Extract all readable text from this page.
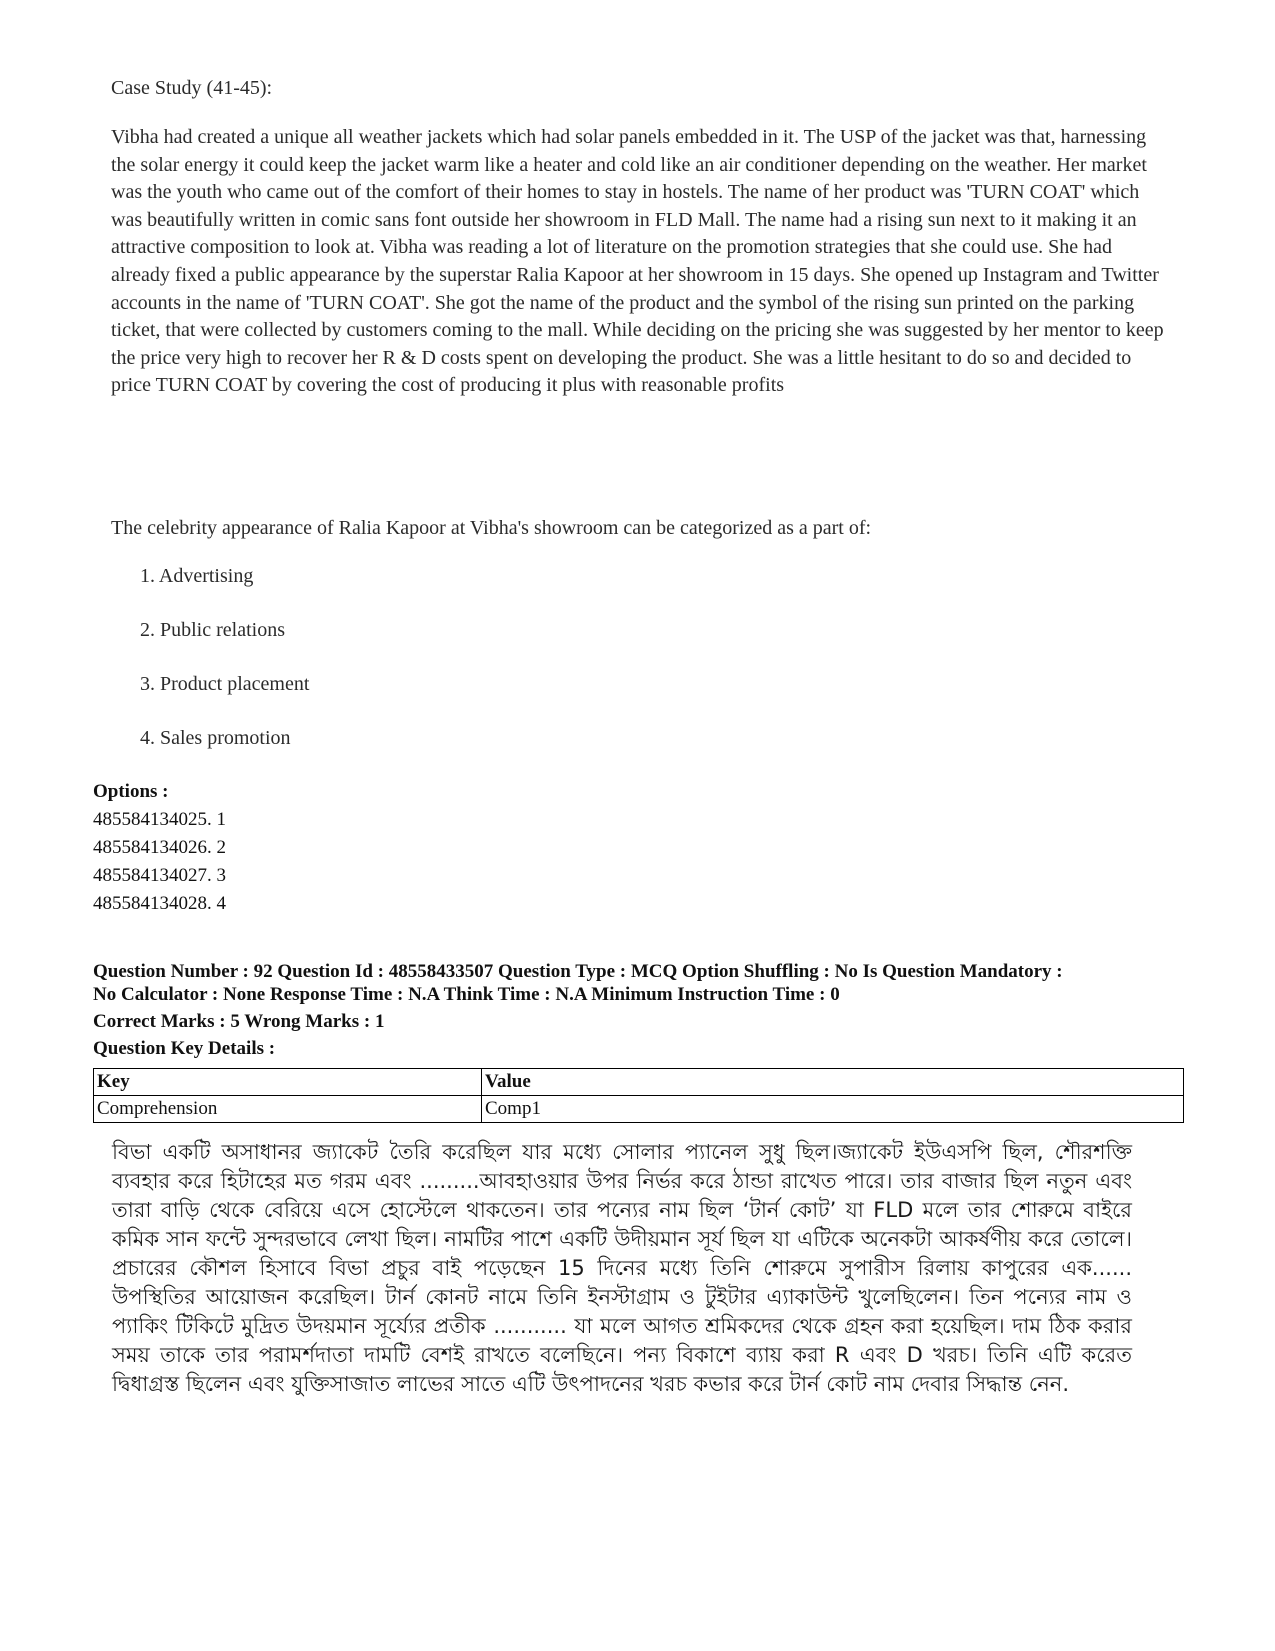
Case Study (41-45):

Vibha had created a unique all weather jackets which had solar panels embedded in it. The USP of the jacket was that, harnessing the solar energy it could keep the jacket warm like a heater and cold like an air conditioner depending on the weather. Her market was the youth who came out of the comfort of their homes to stay in hostels. The name of her product was 'TURN COAT' which was beautifully written in comic sans font outside her showroom in FLD Mall. The name had a rising sun next to it making it an attractive composition to look at. Vibha was reading a lot of literature on the promotion strategies that she could use. She had already fixed a public appearance by the superstar Ralia Kapoor at her showroom in 15 days. She opened up Instagram and Twitter accounts in the name of 'TURN COAT'. She got the name of the product and the symbol of the rising sun printed on the parking ticket, that were collected by customers coming to the mall. While deciding on the pricing she was suggested by her mentor to keep the price very high to recover her R & D costs spent on developing the product. She was a little hesitant to do so and decided to price TURN COAT by covering the cost of producing it plus with reasonable profits

The celebrity appearance of Ralia Kapoor at Vibha's showroom can be categorized as a part of:

1. Advertising
2. Public relations
3. Product placement
4. Sales promotion
Options :
485584134025. 1
485584134026. 2
485584134027. 3
485584134028. 4
Question Number : 92 Question Id : 48558433507 Question Type : MCQ Option Shuffling : No Is Question Mandatory :
No Calculator : None Response Time : N.A Think Time : N.A Minimum Instruction Time : 0
Correct Marks : 5 Wrong Marks : 1
Question Key Details :
Key	Value
Comprehension	Comp1
বিভা একটি অসাধানর জ্যাকেট তৈরি করেছিল যার মধ্যে সোলার প্যানেল সুধু ছিল।জ্যাকেট ইউএসপি ছিল, শৌরশক্তি ব্যবহার করে হিটাহের মত গরম এবং .........আবহাওয়ার উপর নির্ভর করে ঠান্ডা রাখেত পারে। তার বাজার ছিল নতুন এবং তারা বাড়ি থেকে বেরিয়ে এসে হোস্টেলে থাকতেন। তার পন্যের নাম ছিল ‘টার্ন কোট’ যা FLD মলে তার শোরুমে বাইরে কমিক সান ফন্টে সুন্দরভাবে লেখা ছিল। নামটির পাশে একটি উদীয়মান সূর্য ছিল যা এটিকে অনেকটা আকর্ষণীয় করে তোলে। প্রচারের কৌশল হিসাবে বিভা প্রচুর বাই পড়েছেন 15 দিনের মধ্যে তিনি শোরুমে সুপারীস রিলায় কাপুরের এক...... উপস্থিতির আয়োজন করেছিল। টার্ন কোনট নামে তিনি ইনস্টাগ্রাম ও টুইটার এ্যাকাউন্ট খুলেছিলেন। তিন পন্যের নাম ও প্যাকিং টিকিটে মুদ্রিত উদয়মান সূর্য্যের প্রতীক ........... যা মলে আগত শ্রমিকদের থেকে গ্রহন করা হয়েছিল। দাম ঠিক করার সময় তাকে তার পরামর্শদাতা দামটি বেশই রাখতে বলেছিনে। পন্য বিকাশে ব্যায় করা R এবং D খরচ। তিনি এটি করেত দ্বিধাগ্রস্ত ছিলেন এবং যুক্তিসাজাত লাভের সাতে এটি উৎপাদনের খরচ কভার করে টার্ন কোট নাম দেবার সিদ্ধান্ত নেন.
